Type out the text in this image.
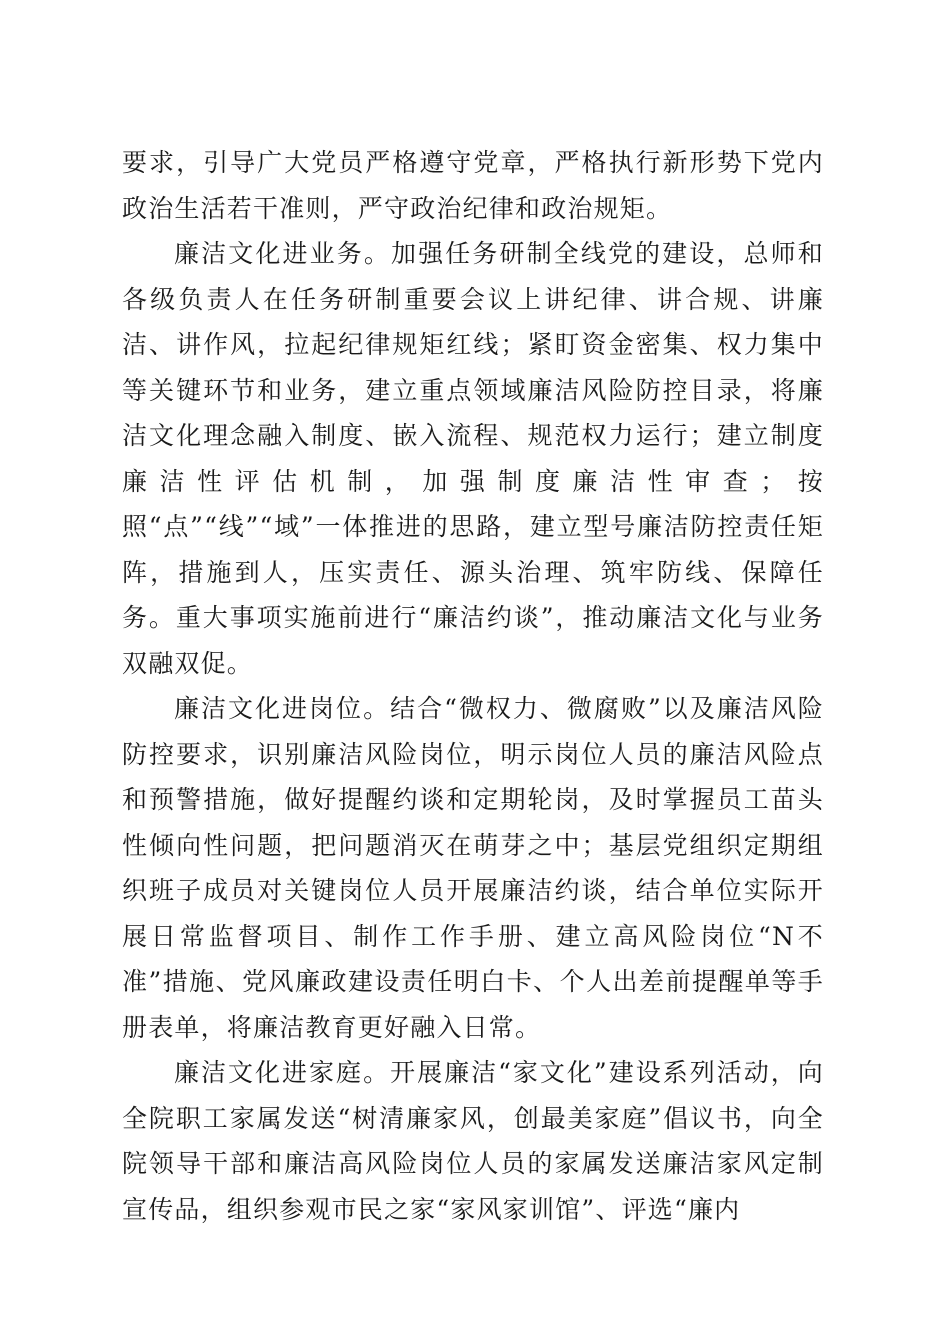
要求，引导广大党员严格遵守党章，严格执行新形势下党内政治生活若干准则，严守政治纪律和政治规矩。

廉洁文化进业务。加强任务研制全线党的建设，总师和各级负责人在任务研制重要会议上讲纪律、讲合规、讲廉洁、讲作风，拉起纪律规矩红线；紧盯资金密集、权力集中等关键环节和业务，建立重点领域廉洁风险防控目录，将廉洁文化理念融入制度、嵌入流程、规范权力运行；建立制度廉洁性评估机制，加强制度廉洁性审查；按照“点”“线”“域”一体推进的思路，建立型号廉洁防控责任矩阵，措施到人，压实责任、源头治理、筑牢防线、保障任务。重大事项实施前进行“廉洁约谈”，推动廉洁文化与业务双融双促。

廉洁文化进岗位。结合“微权力、微腐败”以及廉洁风险防控要求，识别廉洁风险岗位，明示岗位人员的廉洁风险点和预警措施，做好提醒约谈和定期轮岗，及时掌握员工苗头性倾向性问题，把问题消灭在萌芽之中；基层党组织定期组织班子成员对关键岗位人员开展廉洁约谈，结合单位实际开展日常监督项目、制作工作手册、建立高风险岗位“N不准”措施、党风廉政建设责任明白卡、个人出差前提醒单等手册表单，将廉洁教育更好融入日常。

廉洁文化进家庭。开展廉洁“家文化”建设系列活动，向全院职工家属发送“树清廉家风，创最美家庭”倡议书，向全院领导干部和廉洁高风险岗位人员的家属发送廉洁家风定制宣传品，组织参观市民之家“家风家训馆”、评选“廉内
